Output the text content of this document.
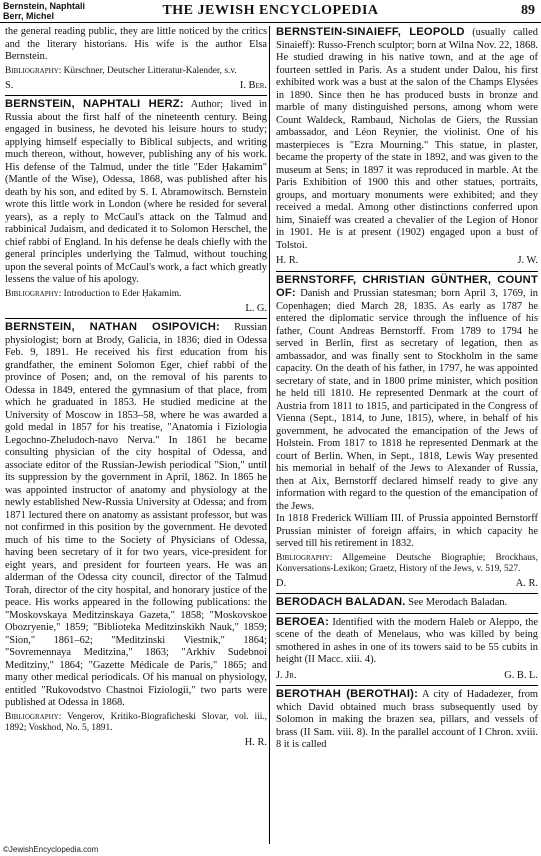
Bernstein, Naphtali
Berr, Michel	THE JEWISH ENCYCLOPEDIA	89

the general reading public, they are little noticed by the critics and the literary historians. His wife is the author Elsa Bernstein.

Bibliography: Kürschner, Deutscher Litteratur-Kalender, s.v.
S.	I. Ber.

BERNSTEIN, NAPHTALI HERZ: Author; lived in Russia about the first half of the nineteenth century. Being engaged in business, he devoted his leisure hours to study; applying himself especially to Biblical subjects, and writing much thereon, without, however, publishing any of his work. His defense of the Talmud, under the title "Eder Ḥakamim" (Mantle of the Wise), Odessa, 1868, was published after his death by his son, and edited by S. I. Abramowitsch. Bernstein wrote this little work in London (where he resided for several years), as a reply to McCaul's attack on the Talmud and rabbinical Judaism, and dedicated it to Solomon Herschel, the chief rabbi of England. In his defense he deals chiefly with the general principles underlying the Talmud, without touching upon the several points of McCaul's work, a fact which greatly lessens the value of his apology.

Bibliography: Introduction to Eder Ḥakamim.
L. G.

BERNSTEIN, NATHAN OSIPOVICH: Russian physiologist; born at Brody, Galicia, in 1836; died in Odessa Feb. 9, 1891. He received his first education from his grandfather, the eminent Solomon Eger, chief rabbi of the province of Posen; and, on the removal of his parents to Odessa in 1849, entered the gymnasium of that place, from which he graduated in 1853. He studied medicine at the University of Moscow in 1853–58, where he was awarded a gold medal in 1857 for his treatise, "Anatomia i Fiziologia Legochno-Zheludoch-navo Nerva." In 1861 he became consulting physician of the city hospital of Odessa, and associate editor of the Russian-Jewish periodical "Sion," until its suppression by the government in April, 1862. In 1865 he was appointed instructor of anatomy and physiology at the newly established New-Russia University at Odessa; and from 1871 lectured there on anatomy as assistant professor, but was not confirmed in this position by the government. He devoted much of his time to the Society of Physicians of Odessa, having been secretary of it for two years, vice-president for eight years, and president for fourteen years. He was an alderman of the Odessa city council, director of the Talmud Torah, director of the city hospital, and honorary justice of the peace. His works appeared in the following publications: the "Moskovskaya Meditzinskaya Gazeta," 1858; "Moskovskoe Obozryenie," 1859; "Biblioteka Meditzinskikh Nauk," 1859; "Sion," 1861–62; "Meditzinski Viestnik," 1864; "Sovremennaya Meditzina," 1863; "Arkhiv Sudebnoi Meditziny," 1864; "Gazette Médicale de Paris," 1865; and many other medical periodicals. Of his manual on physiology, entitled "Rukovodstvo Chastnoi Fiziologii," two parts were published at Odessa in 1868.

Bibliography: Vengerov, Kritiko-Biograficheski Slovar, vol. iii., 1892; Voskhod, No. 5, 1891.
H. R.

BERNSTEIN-SINAIEFF, LEOPOLD (usually called Sinaieff): Russo-French sculptor; born at Wilna Nov. 22, 1868. He studied drawing in his native town, and at the age of fourteen settled in Paris. As a student under Dalou, his first exhibited work was a bust at the salon of the Champs Elysées in 1890. Since then he has produced busts in bronze and marble of many distinguished persons, among whom were Count Waldeck, Rambaud, Nicholas de Giers, the Russian ambassador, and Léon Reynier, the violinist. One of his masterpieces is "Ezra Mourning." This statue, in plaster, became the property of the state in 1892, and was given to the museum at Sens; in 1897 it was reproduced in marble. At the Paris Exhibition of 1900 this and other statues, portraits, groups, and mortuary monuments were exhibited; and they received a medal. Among other distinctions conferred upon him, Sinaieff was created a chevalier of the Legion of Honor in 1901. He is at present (1902) engaged upon a bust of Tolstoi.

H. R.	J. W.

BERNSTORFF, CHRISTIAN GÜNTHER, COUNT OF: Danish and Prussian statesman; born April 3, 1769, in Copenhagen; died March 28, 1835. As early as 1787 he entered the diplomatic service through the influence of his father, Count Andreas Bernstorff. From 1789 to 1794 he served in Berlin, first as secretary of legation, then as ambassador, and was finally sent to Stockholm in the same capacity. On the death of his father, in 1797, he was appointed secretary of state, and in 1800 prime minister, which position he held till 1810. He represented Denmark at the court of Austria from 1811 to 1815, and participated in the Congress of Vienna (Sept., 1814, to June, 1815), where, in behalf of his government, he advocated the emancipation of the Jews of Holstein. From 1817 to 1818 he represented Denmark at the court of Berlin. When, in Sept., 1818, Lewis Way presented his memorial in behalf of the Jews to Alexander of Russia, then at Aix, Bernstorff declared himself ready to give any information with regard to the question of the emancipation of the Jews.

In 1818 Frederick William III. of Prussia appointed Bernstorff Prussian minister of foreign affairs, in which capacity he served till his retirement in 1832.

Bibliography: Allgemeine Deutsche Biographie; Brockhaus, Konversations-Lexikon; Graetz, History of the Jews, v. 519, 527.
D.	A. R.

BERODACH BALADAN. See Merodach Baladan.

BEROEA: Identified with the modern Haleb or Aleppo, the scene of the death of Menelaus, who was killed by being smothered in ashes in one of its towers said to be 55 cubits in height (II Macc. xiii. 4).

J. Jr.	G. B. L.

BEROTHAH (BEROTHAI): A city of Hadadezer, from which David obtained much brass subsequently used by Solomon in making the brazen sea, pillars, and vessels of brass (II Sam. viii. 8). In the parallel account of I Chron. xviii. 8 it is called

©JewishEncyclopedia.com
